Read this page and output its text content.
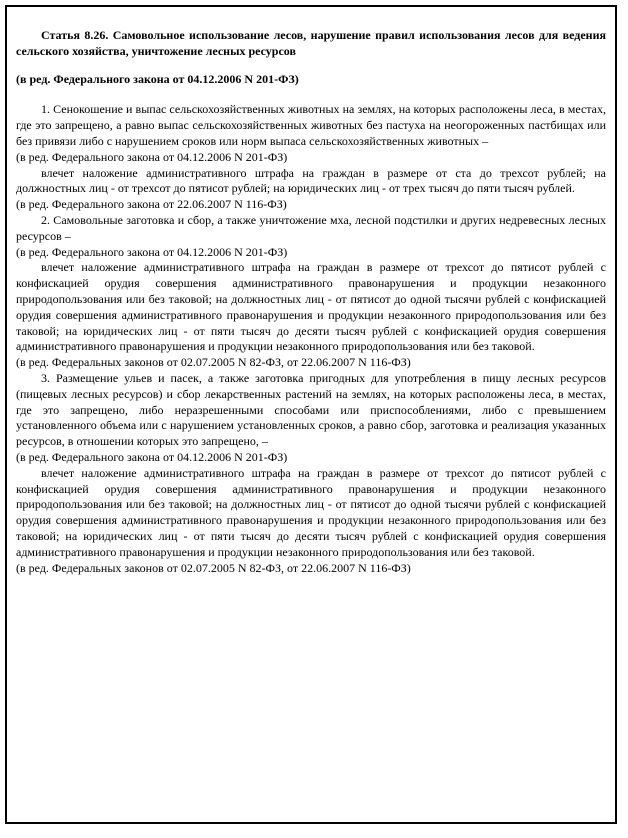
Статья 8.26. Самовольное использование лесов, нарушение правил использования лесов для ведения сельского хозяйства, уничтожение лесных ресурсов

(в ред. Федерального закона от 04.12.2006 N 201-ФЗ)

1. Сенокошение и выпас сельскохозяйственных животных на землях, на которых расположены леса, в местах, где это запрещено, а равно выпас сельскохозяйственных животных без пастуха на неогороженных пастбищах или без привязи либо с нарушением сроков или норм выпаса сельскохозяйственных животных –

(в ред. Федерального закона от 04.12.2006 N 201-ФЗ)

влечет наложение административного штрафа на граждан в размере от ста до трехсот рублей; на должностных лиц - от трехсот до пятисот рублей; на юридических лиц - от трех тысяч до пяти тысяч рублей.

(в ред. Федерального закона от 22.06.2007 N 116-ФЗ)

2. Самовольные заготовка и сбор, а также уничтожение мха, лесной подстилки и других недревесных лесных ресурсов –

(в ред. Федерального закона от 04.12.2006 N 201-ФЗ)

влечет наложение административного штрафа на граждан в размере от трехсот до пятисот рублей с конфискацией орудия совершения административного правонарушения и продукции незаконного природопользования или без таковой; на должностных лиц - от пятисот до одной тысячи рублей с конфискацией орудия совершения административного правонарушения и продукции незаконного природопользования или без таковой; на юридических лиц - от пяти тысяч до десяти тысяч рублей с конфискацией орудия совершения административного правонарушения и продукции незаконного природопользования или без таковой.

(в ред. Федеральных законов от 02.07.2005 N 82-ФЗ, от 22.06.2007 N 116-ФЗ)

3. Размещение ульев и пасек, а также заготовка пригодных для употребления в пищу лесных ресурсов (пищевых лесных ресурсов) и сбор лекарственных растений на землях, на которых расположены леса, в местах, где это запрещено, либо неразрешенными способами или приспособлениями, либо с превышением установленного объема или с нарушением установленных сроков, а равно сбор, заготовка и реализация указанных ресурсов, в отношении которых это запрещено, –

(в ред. Федерального закона от 04.12.2006 N 201-ФЗ)

влечет наложение административного штрафа на граждан в размере от трехсот до пятисот рублей с конфискацией орудия совершения административного правонарушения и продукции незаконного природопользования или без таковой; на должностных лиц - от пятисот до одной тысячи рублей с конфискацией орудия совершения административного правонарушения и продукции незаконного природопользования или без таковой; на юридических лиц - от пяти тысяч до десяти тысяч рублей с конфискацией орудия совершения административного правонарушения и продукции незаконного природопользования или без таковой.

(в ред. Федеральных законов от 02.07.2005 N 82-ФЗ, от 22.06.2007 N 116-ФЗ)
